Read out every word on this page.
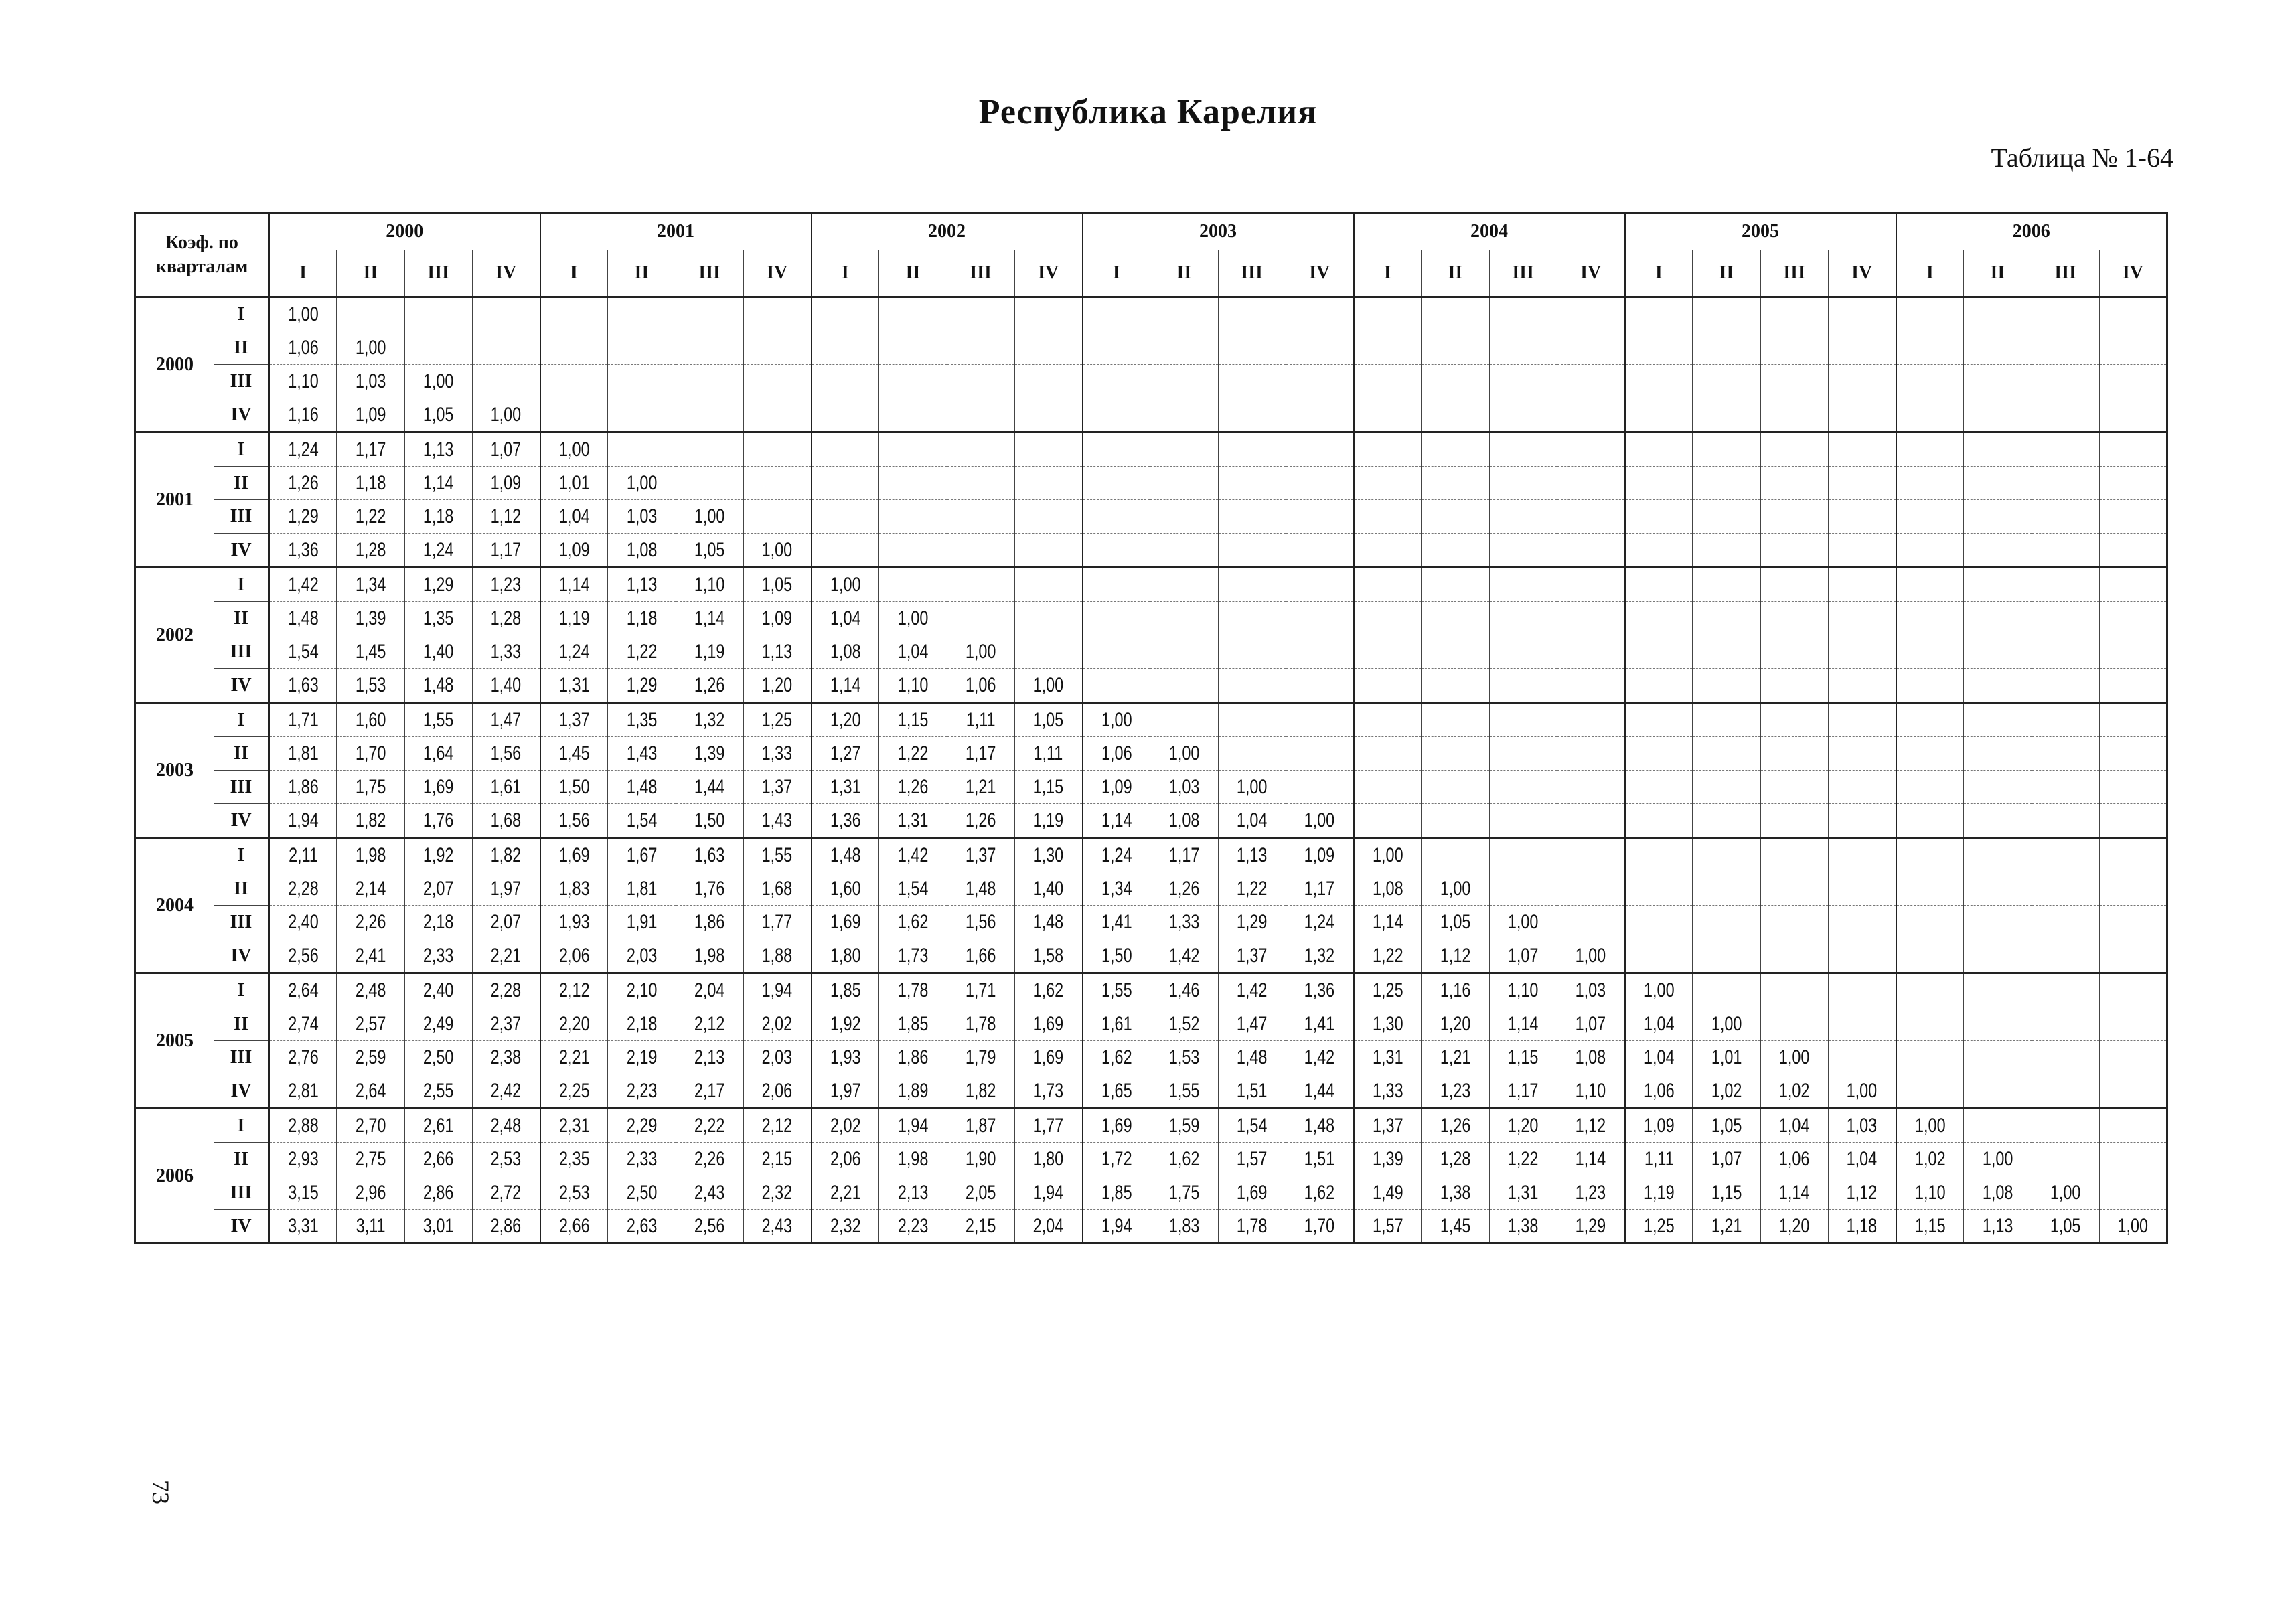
Республика Карелия
Таблица № 1-64
Коэф. по
кварталам		2000				2001				2002				2003				2004				2005				2006			
		I	II	III	IV	I	II	III	IV	I	II	III	IV	I	II	III	IV	I	II	III	IV	I	II	III	IV	I	II	III	IV
2000	I	1,00																											
	II	1,06	1,00																										
	III	1,10	1,03	1,00																									
	IV	1,16	1,09	1,05	1,00																								
2001	I	1,24	1,17	1,13	1,07	1,00																							
	II	1,26	1,18	1,14	1,09	1,01	1,00																						
	III	1,29	1,22	1,18	1,12	1,04	1,03	1,00																					
	IV	1,36	1,28	1,24	1,17	1,09	1,08	1,05	1,00																				
2002	I	1,42	1,34	1,29	1,23	1,14	1,13	1,10	1,05	1,00																			
	II	1,48	1,39	1,35	1,28	1,19	1,18	1,14	1,09	1,04	1,00																		
	III	1,54	1,45	1,40	1,33	1,24	1,22	1,19	1,13	1,08	1,04	1,00																	
	IV	1,63	1,53	1,48	1,40	1,31	1,29	1,26	1,20	1,14	1,10	1,06	1,00																
2003	I	1,71	1,60	1,55	1,47	1,37	1,35	1,32	1,25	1,20	1,15	1,11	1,05	1,00															
	II	1,81	1,70	1,64	1,56	1,45	1,43	1,39	1,33	1,27	1,22	1,17	1,11	1,06	1,00														
	III	1,86	1,75	1,69	1,61	1,50	1,48	1,44	1,37	1,31	1,26	1,21	1,15	1,09	1,03	1,00													
	IV	1,94	1,82	1,76	1,68	1,56	1,54	1,50	1,43	1,36	1,31	1,26	1,19	1,14	1,08	1,04	1,00												
2004	I	2,11	1,98	1,92	1,82	1,69	1,67	1,63	1,55	1,48	1,42	1,37	1,30	1,24	1,17	1,13	1,09	1,00											
	II	2,28	2,14	2,07	1,97	1,83	1,81	1,76	1,68	1,60	1,54	1,48	1,40	1,34	1,26	1,22	1,17	1,08	1,00										
	III	2,40	2,26	2,18	2,07	1,93	1,91	1,86	1,77	1,69	1,62	1,56	1,48	1,41	1,33	1,29	1,24	1,14	1,05	1,00									
	IV	2,56	2,41	2,33	2,21	2,06	2,03	1,98	1,88	1,80	1,73	1,66	1,58	1,50	1,42	1,37	1,32	1,22	1,12	1,07	1,00								
2005	I	2,64	2,48	2,40	2,28	2,12	2,10	2,04	1,94	1,85	1,78	1,71	1,62	1,55	1,46	1,42	1,36	1,25	1,16	1,10	1,03	1,00							
	II	2,74	2,57	2,49	2,37	2,20	2,18	2,12	2,02	1,92	1,85	1,78	1,69	1,61	1,52	1,47	1,41	1,30	1,20	1,14	1,07	1,04	1,00						
	III	2,76	2,59	2,50	2,38	2,21	2,19	2,13	2,03	1,93	1,86	1,79	1,69	1,62	1,53	1,48	1,42	1,31	1,21	1,15	1,08	1,04	1,01	1,00					
	IV	2,81	2,64	2,55	2,42	2,25	2,23	2,17	2,06	1,97	1,89	1,82	1,73	1,65	1,55	1,51	1,44	1,33	1,23	1,17	1,10	1,06	1,02	1,02	1,00				
2006	I	2,88	2,70	2,61	2,48	2,31	2,29	2,22	2,12	2,02	1,94	1,87	1,77	1,69	1,59	1,54	1,48	1,37	1,26	1,20	1,12	1,09	1,05	1,04	1,03	1,00			
	II	2,93	2,75	2,66	2,53	2,35	2,33	2,26	2,15	2,06	1,98	1,90	1,80	1,72	1,62	1,57	1,51	1,39	1,28	1,22	1,14	1,11	1,07	1,06	1,04	1,02	1,00		
	III	3,15	2,96	2,86	2,72	2,53	2,50	2,43	2,32	2,21	2,13	2,05	1,94	1,85	1,75	1,69	1,62	1,49	1,38	1,31	1,23	1,19	1,15	1,14	1,12	1,10	1,08	1,00	
	IV	3,31	3,11	3,01	2,86	2,66	2,63	2,56	2,43	2,32	2,23	2,15	2,04	1,94	1,83	1,78	1,70	1,57	1,45	1,38	1,29	1,25	1,21	1,20	1,18	1,15	1,13	1,05	1,00
73
